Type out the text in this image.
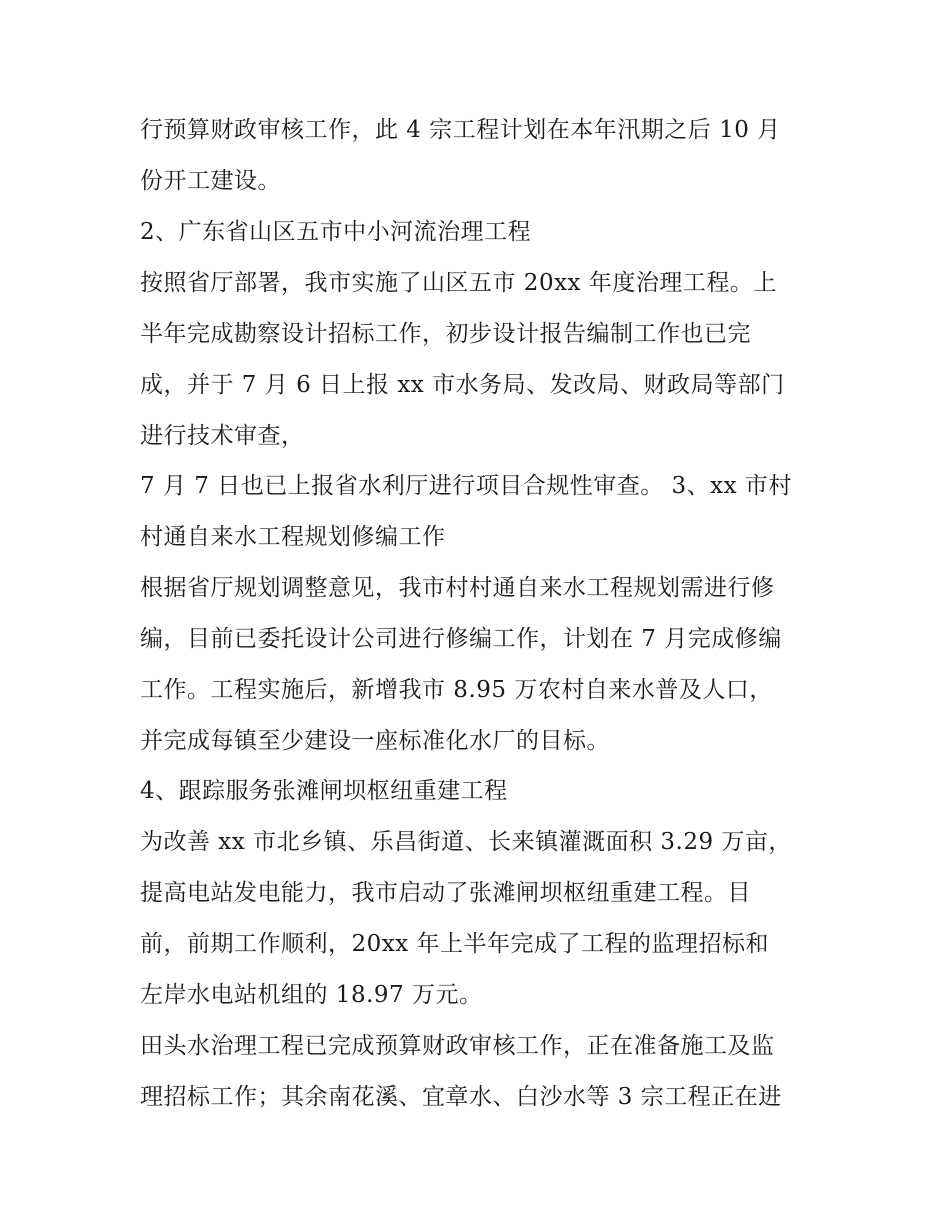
行预算财政审核工作，此 4 宗工程计划在本年汛期之后 10 月
份开工建设。
2、广东省山区五市中小河流治理工程
按照省厅部署，我市实施了山区五市 20xx 年度治理工程。上
半年完成勘察设计招标工作，初步设计报告编制工作也已完
成，并于 7 月 6 日上报 xx 市水务局、发改局、财政局等部门
进行技术审查，
7 月 7 日也已上报省水利厅进行项目合规性审查。 3、xx 市村
村通自来水工程规划修编工作
根据省厅规划调整意见，我市村村通自来水工程规划需进行修
编，目前已委托设计公司进行修编工作，计划在 7 月完成修编
工作。工程实施后，新增我市 8.95 万农村自来水普及人口，
并完成每镇至少建设一座标准化水厂的目标。
4、跟踪服务张滩闸坝枢纽重建工程
为改善 xx 市北乡镇、乐昌街道、长来镇灌溉面积 3.29 万亩，
提高电站发电能力，我市启动了张滩闸坝枢纽重建工程。目
前，前期工作顺利，20xx 年上半年完成了工程的监理招标和
左岸水电站机组的 18.97 万元。
田头水治理工程已完成预算财政审核工作，正在准备施工及监
理招标工作；其余南花溪、宜章水、白沙水等 3 宗工程正在进
